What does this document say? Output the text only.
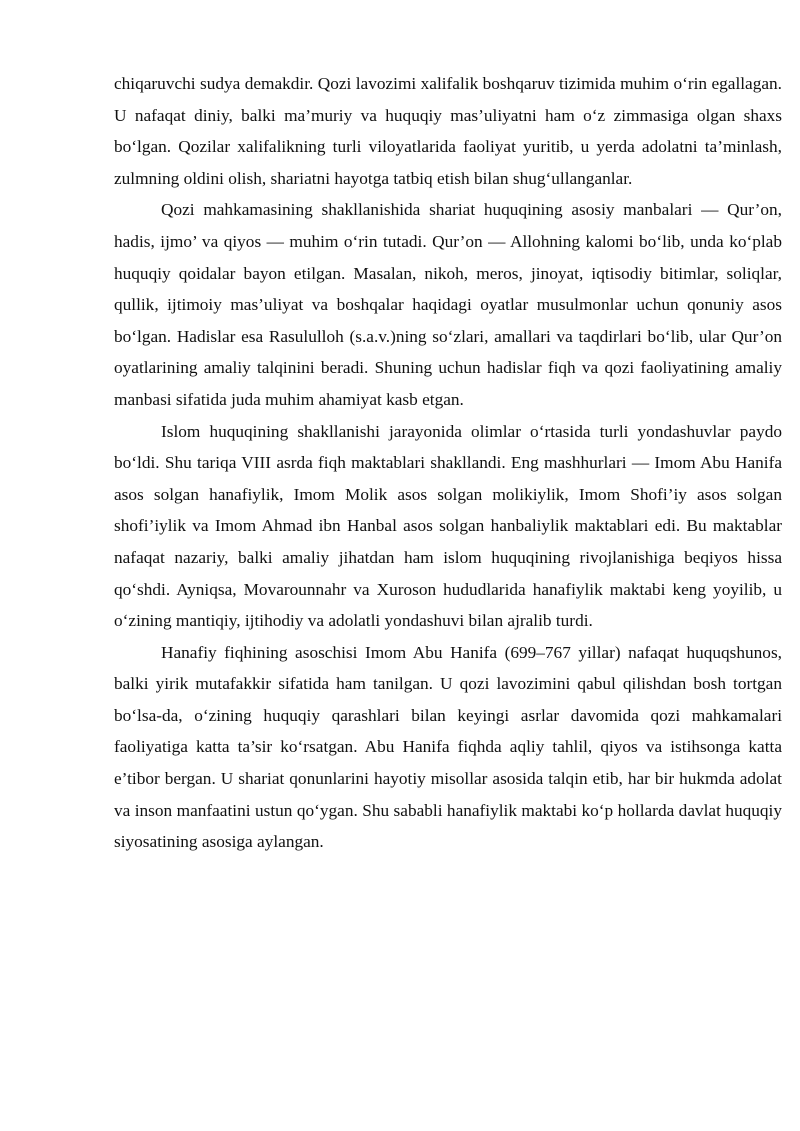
chiqaruvchi sudya demakdir. Qozi lavozimi xalifalik boshqaruv tizimida muhim o‘rin egallagan. U nafaqat diniy, balki ma’muriy va huquqiy mas’uliyatni ham o‘z zimmasiga olgan shaxs bo‘lgan. Qozilar xalifalikning turli viloyatlarida faoliyat yuritib, u yerda adolatni ta’minlash, zulmning oldini olish, shariatni hayotga tatbiq etish bilan shug‘ullanganlar.

Qozi mahkamasining shakllanishida shariat huquqining asosiy manbalari — Qur’on, hadis, ijmo’ va qiyos — muhim o‘rin tutadi. Qur’on — Allohning kalomi bo‘lib, unda ko‘plab huquqiy qoidalar bayon etilgan. Masalan, nikoh, meros, jinoyat, iqtisodiy bitimlar, soliqlar, qullik, ijtimoiy mas’uliyat va boshqalar haqidagi oyatlar musulmonlar uchun qonuniy asos bo‘lgan. Hadislar esa Rasululloh (s.a.v.)ning so‘zlari, amallari va taqdirlari bo‘lib, ular Qur’on oyatlarining amaliy talqinini beradi. Shuning uchun hadislar fiqh va qozi faoliyatining amaliy manbasi sifatida juda muhim ahamiyat kasb etgan.

Islom huquqining shakllanishi jarayonida olimlar o‘rtasida turli yondashuvlar paydo bo‘ldi. Shu tariqa VIII asrda fiqh maktablari shakllandi. Eng mashhurlari — Imom Abu Hanifa asos solgan hanafiylik, Imom Molik asos solgan molikiylik, Imom Shofi’iy asos solgan shofi’iylik va Imom Ahmad ibn Hanbal asos solgan hanbaliylik maktablari edi. Bu maktablar nafaqat nazariy, balki amaliy jihatdan ham islom huquqining rivojlanishiga beqiyos hissa qo‘shdi. Ayniqsa, Movarounnahr va Xuroson hududlarida hanafiylik maktabi keng yoyilib, u o‘zining mantiqiy, ijtihodiy va adolatli yondashuvi bilan ajralib turdi.

Hanafiy fiqhining asoschisi Imom Abu Hanifa (699–767 yillar) nafaqat huquqshunos, balki yirik mutafakkir sifatida ham tanilgan. U qozi lavozimini qabul qilishdan bosh tortgan bo‘lsa-da, o‘zining huquqiy qarashlari bilan keyingi asrlar davomida qozi mahkamalari faoliyatiga katta ta’sir ko‘rsatgan. Abu Hanifa fiqhda aqliy tahlil, qiyos va istihsonga katta e’tibor bergan. U shariat qonunlarini hayotiy misollar asosida talqin etib, har bir hukmda adolat va inson manfaatini ustun qo‘ygan. Shu sababli hanafiylik maktabi ko‘p hollarda davlat huquqiy siyosatining asosiga aylangan.
